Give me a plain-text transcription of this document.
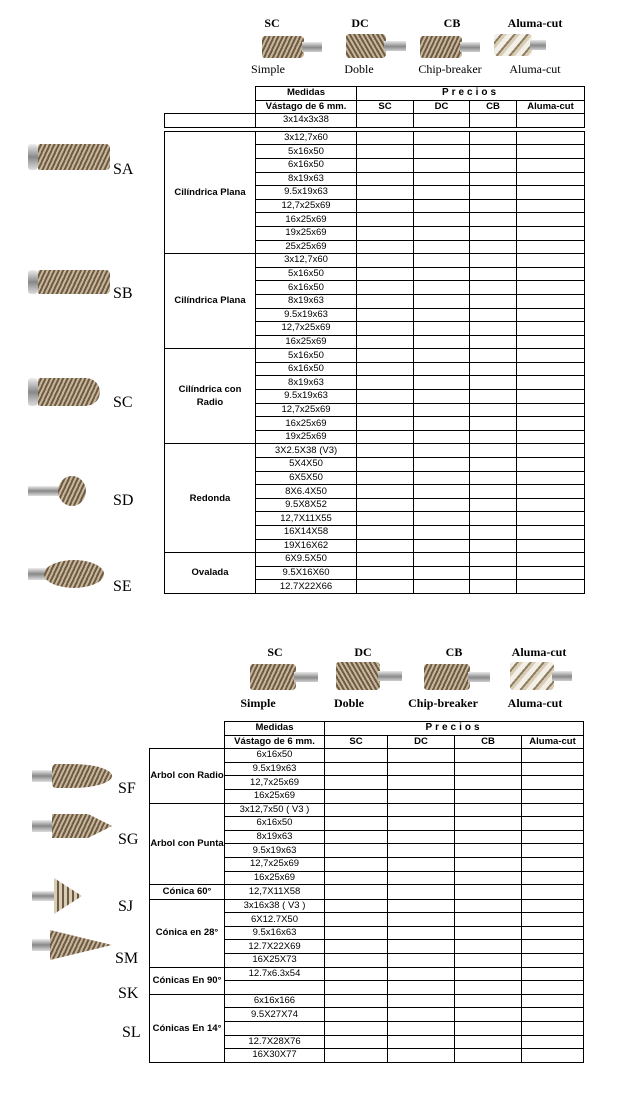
SC	DC	CB	Aluma-cut
Simple	Doble	Chip-breaker	Aluma-cut
	Medidas	Precios			
	Vástago de 6 mm.	SC	DC	CB	Aluma-cut
	3x14x3x38				

Cilíndrica Plana	3x12,7x60				
	5x16x50				
	6x16x50				
	8x19x63				
	9.5x19x63				
	12,7x25x69				
	16x25x69				
	19x25x69				
	25x25x69				
Cilíndrica Plana	3x12,7x60				
	5x16x50				
	6x16x50				
	8x19x63				
	9.5x19x63				
	12,7x25x69				
	16x25x69				
Cilíndrica con Radio	5x16x50				
	6x16x50				
	8x19x63				
	9.5x19x63				
	12,7x25x69				
	16x25x69				
	19x25x69				
Redonda	3X2.5X38 (V3)				
	5X4X50				
	6X5X50				
	8X6.4X50				
	9.5X8X52				
	12,7X11X55				
	16X14X58				
	19X16X62				
Ovalada	6X9.5X50				
	9.5X16X60				
	12.7X22X66				
SA
SB
SC
SD
SE
SC	DC	CB	Aluma-cut
Simple	Doble	Chip-breaker	Aluma-cut
	Medidas	Precios			
	Vástago de 6 mm.	SC	DC	CB	Aluma-cut
Arbol con Radio	6x16x50				
	9.5x19x63				
	12,7x25x69				
	16x25x69				
Arbol con Punta	3x12,7x50 ( V3 )				
	6x16x50				
	8x19x63				
	9.5x19x63				
	12,7x25x69				
	16x25x69				
Cónica 60°	12,7X11X58				
Cónica en 28°	3x16x38 ( V3 )				
	6X12.7X50				
	9.5x16x63				
	12.7X22X69				
	16X25X73				
Cónicas En 90°	12.7x6.3x54				

Cónicas En 14°	6x16x166				
	9.5X27X74				

	12.7X28X76				
	16X30X77				
SF
SG
SJ
SM
SK
SL
